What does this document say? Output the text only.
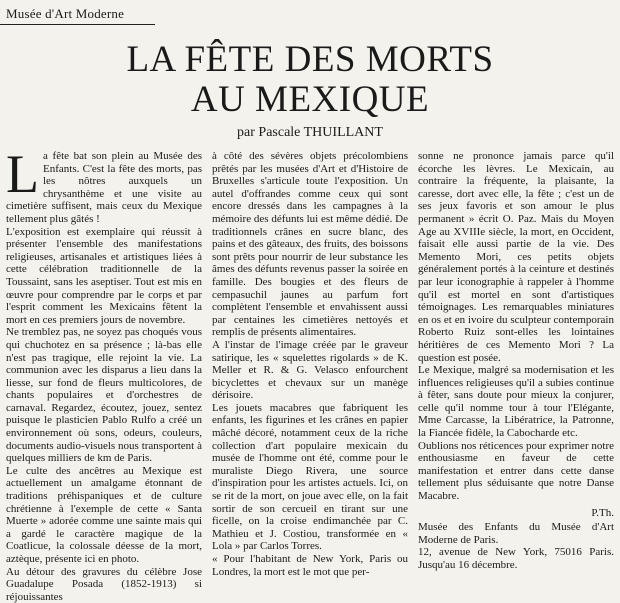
Musée d'Art Moderne
LA FÊTE DES MORTS
AU MEXIQUE
par Pascale THUILLANT

La fête bat son plein au Musée des Enfants. C'est la fête des morts, pas les nôtres auxquels un chrysanthème et une visite au cimetière suffisent, mais ceux du Mexique tellement plus gâtés !

L'exposition est exemplaire qui réussit à présenter l'ensemble des manifestations religieuses, artisanales et artistiques liées à cette célébration traditionnelle de la Toussaint, sans les aseptiser. Tout est mis en œuvre pour comprendre par le corps et par l'esprit comment les Mexicains fêtent la mort en ces premiers jours de novembre.

Ne tremblez pas, ne soyez pas choqués vous qui chuchotez en sa présence ; là-bas elle n'est pas tragique, elle rejoint la vie. La communion avec les disparus a lieu dans la liesse, sur fond de fleurs multicolores, de chants populaires et d'orchestres de carnaval. Regardez, écoutez, jouez, sentez puisque le plasticien Pablo Rulfo a créé un environnement où sons, odeurs, couleurs, documents audio-visuels nous transportent à quelques milliers de km de Paris.

Le culte des ancêtres au Mexique est actuellement un amalgame étonnant de traditions préhispaniques et de culture chrétienne à l'exemple de cette « Santa Muerte » adorée comme une sainte mais qui a gardé le caractère magique de la Coatlicue, la colossale déesse de la mort, aztèque, présente ici en photo.

Au détour des gravures du célèbre Jose Guadalupe Posada (1852-1913) si réjouissantes

à côté des sévères objets précolombiens prêtés par les musées d'Art et d'Histoire de Bruxelles s'articule toute l'exposition. Un autel d'offrandes comme ceux qui sont encore dressés dans les campagnes à la mémoire des défunts lui est même dédié. De traditionnels crânes en sucre blanc, des pains et des gâteaux, des fruits, des boissons sont prêts pour nourrir de leur substance les âmes des défunts revenus passer la soirée en famille. Des bougies et des fleurs de cempasuchil jaunes au parfum fort complètent l'ensemble et envahissent aussi par centaines les cimetières nettoyés et remplis de présents alimentaires.

A l'instar de l'image créée par le graveur satirique, les « squelettes rigolards » de K. Meller et R. & G. Velasco enfourchent bicyclettes et chevaux sur un manège dérisoire.

Les jouets macabres que fabriquent les enfants, les figurines et les crânes en papier mâché décoré, notamment ceux de la riche collection d'art populaire mexicain du musée de l'homme ont été, comme pour le muraliste Diego Rivera, une source d'inspiration pour les artistes actuels. Ici, on se rit de la mort, on joue avec elle, on la fait sortir de son cercueil en tirant sur une ficelle, on la croise endimanchée par C. Mathieu et J. Costiou, transformée en « Lola » par Carlos Torres.

« Pour l'habitant de New York, Paris ou Londres, la mort est le mot que per-

sonne ne prononce jamais parce qu'il écorche les lèvres. Le Mexicain, au contraire la fréquente, la plaisante, la caresse, dort avec elle, la fête ; c'est un de ses jeux favoris et son amour le plus permanent » écrit O. Paz. Mais du Moyen Age au XVIIIe siècle, la mort, en Occident, faisait elle aussi partie de la vie. Des Memento Mori, ces petits objets généralement portés à la ceinture et destinés par leur iconographie à rappeler à l'homme qu'il est mortel en sont d'artistiques témoignages. Les remarquables miniatures en os et en ivoire du sculpteur contemporain Roberto Ruiz sont-elles les lointaines héritières de ces Memento Mori ? La question est posée.

Le Mexique, malgré sa modernisation et les influences religieuses qu'il a subies continue à fêter, sans doute pour mieux la conjurer, celle qu'il nomme tour à tour l'Elégante, Mme Carcasse, la Libératrice, la Patronne, la Fiancée fidèle, la Cabocharde etc.

Oublions nos réticences pour exprimer notre enthousiasme en faveur de cette manifestation et entrer dans cette danse tellement plus séduisante que notre Danse Macabre.

P.Th.

Musée des Enfants du Musée d'Art Moderne de Paris.

12, avenue de New York, 75016 Paris. Jusqu'au 16 décembre.
